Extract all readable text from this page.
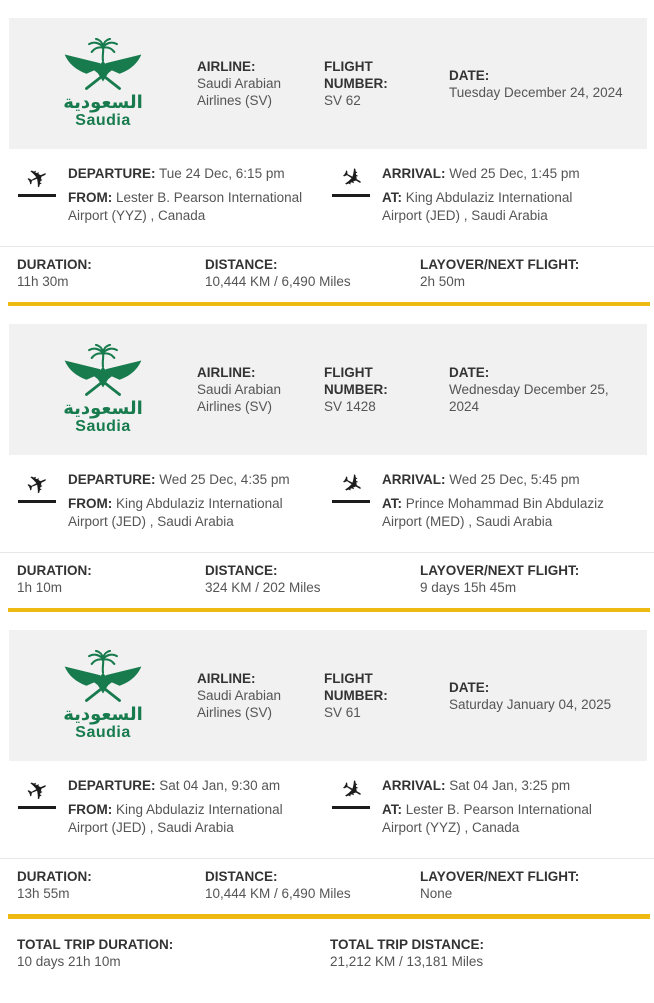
السعودية
Saudia
AIRLINE:
Saudi Arabian Airlines (SV)
FLIGHT NUMBER:
SV 62
DATE:
Tuesday December 24, 2024
✈	DEPARTURE: Tue 24 Dec, 6:15 pm
FROM: Lester B. Pearson International Airport (YYZ) , Canada
✈ ARRIVAL: Wed 25 Dec, 1:45 pm
AT: King Abdulaziz International Airport (JED) , Saudi Arabia
DURATION:
11h 30m
DISTANCE:
10,444 KM / 6,490 Miles
LAYOVER/NEXT FLIGHT:
2h 50m
السعودية
Saudia
AIRLINE:
Saudi Arabian Airlines (SV)
FLIGHT NUMBER:
SV 1428
DATE:
Wednesday December 25, 2024
✈	DEPARTURE: Wed 25 Dec, 4:35 pm
FROM: King Abdulaziz International Airport (JED) , Saudi Arabia
✈ ARRIVAL: Wed 25 Dec, 5:45 pm
AT: Prince Mohammad Bin Abdulaziz Airport (MED) , Saudi Arabia
DURATION:
1h 10m
DISTANCE:
324 KM / 202 Miles
LAYOVER/NEXT FLIGHT:
9 days 15h 45m
السعودية
Saudia
AIRLINE:
Saudi Arabian Airlines (SV)
FLIGHT NUMBER:
SV 61
DATE:
Saturday January 04, 2025
✈	DEPARTURE: Sat 04 Jan, 9:30 am
FROM: King Abdulaziz International Airport (JED) , Saudi Arabia
✈ ARRIVAL: Sat 04 Jan, 3:25 pm
AT: Lester B. Pearson International Airport (YYZ) , Canada
DURATION:
13h 55m
DISTANCE:
10,444 KM / 6,490 Miles
LAYOVER/NEXT FLIGHT:
None
TOTAL TRIP DURATION:
10 days 21h 10m
TOTAL TRIP DISTANCE:
21,212 KM / 13,181 Miles
